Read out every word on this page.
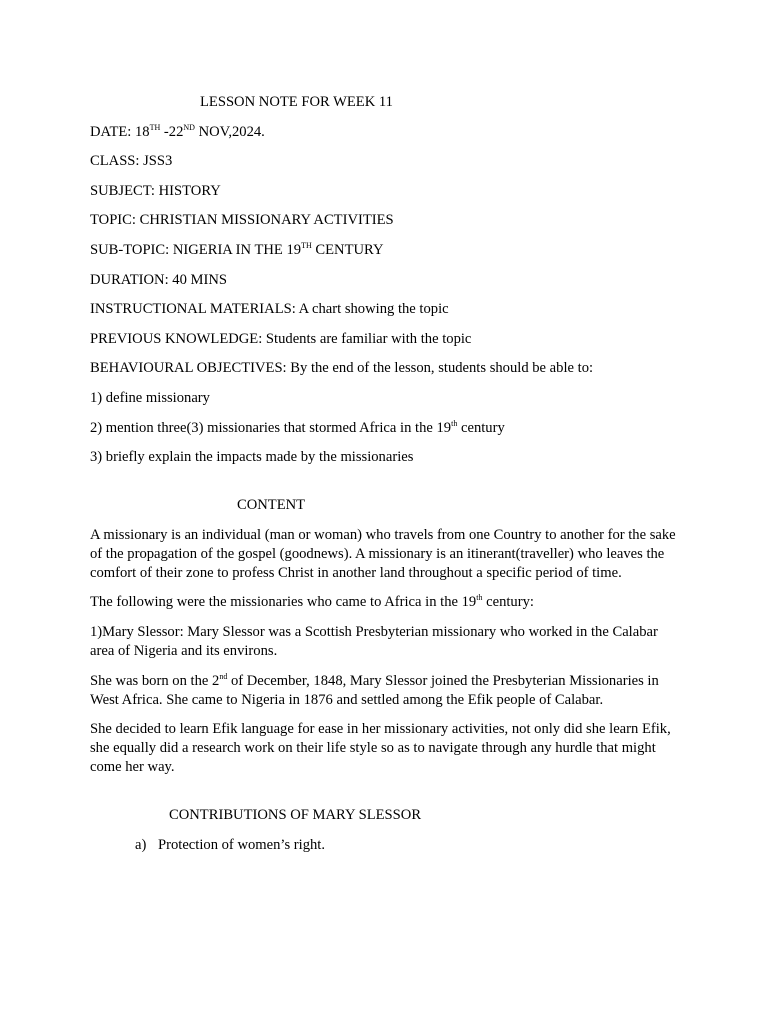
LESSON NOTE FOR WEEK 11

DATE: 18TH -22ND NOV,2024.

CLASS: JSS3

SUBJECT: HISTORY

TOPIC: CHRISTIAN MISSIONARY ACTIVITIES

SUB-TOPIC: NIGERIA IN THE 19TH CENTURY

DURATION: 40 MINS

INSTRUCTIONAL MATERIALS: A chart showing the topic

PREVIOUS KNOWLEDGE: Students are familiar with the topic

BEHAVIOURAL OBJECTIVES: By the end of the lesson, students should be able to:

1) define missionary

2) mention three(3) missionaries that stormed Africa in the 19th century

3) briefly explain the impacts made by the missionaries

CONTENT

A missionary is an individual (man or woman) who travels from one Country to another for the sake of the propagation of the gospel (goodnews). A missionary is an itinerant(traveller) who leaves the comfort of their zone to profess Christ in another land throughout a specific period of time.

The following were the missionaries who came to Africa in the 19th century:

1)Mary Slessor: Mary Slessor was a Scottish Presbyterian missionary who worked in the Calabar area of Nigeria and its environs.

She was born on the 2nd of December, 1848, Mary Slessor joined the Presbyterian Missionaries in West Africa. She came to Nigeria in 1876 and settled among the Efik people of Calabar.

She decided to learn Efik language for ease in her missionary activities, not only did she learn Efik, she equally did a research work on their life style so as to navigate through any hurdle that might come her way.

CONTRIBUTIONS OF MARY SLESSOR

a) Protection of women’s right.
